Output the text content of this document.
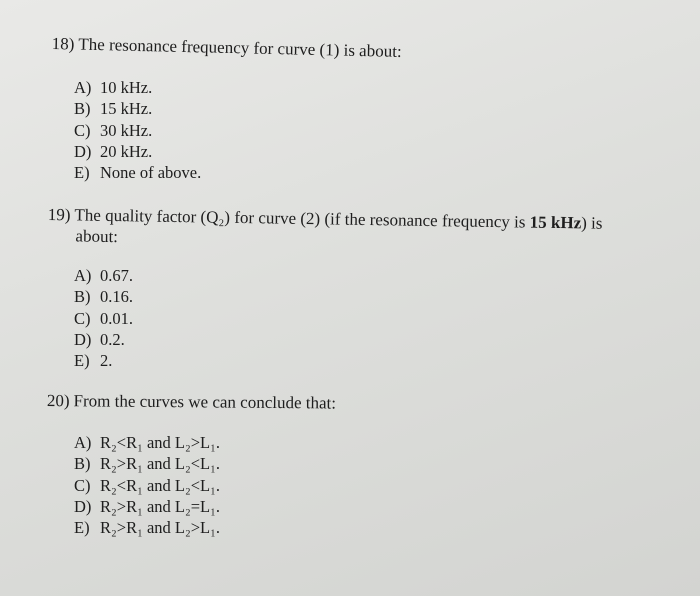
18) The resonance frequency for curve (1) is about:
A) 10 kHz.
B) 15 kHz.
C) 30 kHz.
D) 20 kHz.
E) None of above.
19) The quality factor (Q₂) for curve (2) (if the resonance frequency is 15 kHz) is
about:
A) 0.67.
B) 0.16.
C) 0.01.
D) 0.2.
E) 2.
20) From the curves we can conclude that:
A) R₂<R₁ and L₂>L₁.
B) R₂>R₁ and L₂<L₁.
C) R₂<R₁ and L₂<L₁.
D) R₂>R₁ and L₂=L₁.
E) R₂>R₁ and L₂>L₁.
